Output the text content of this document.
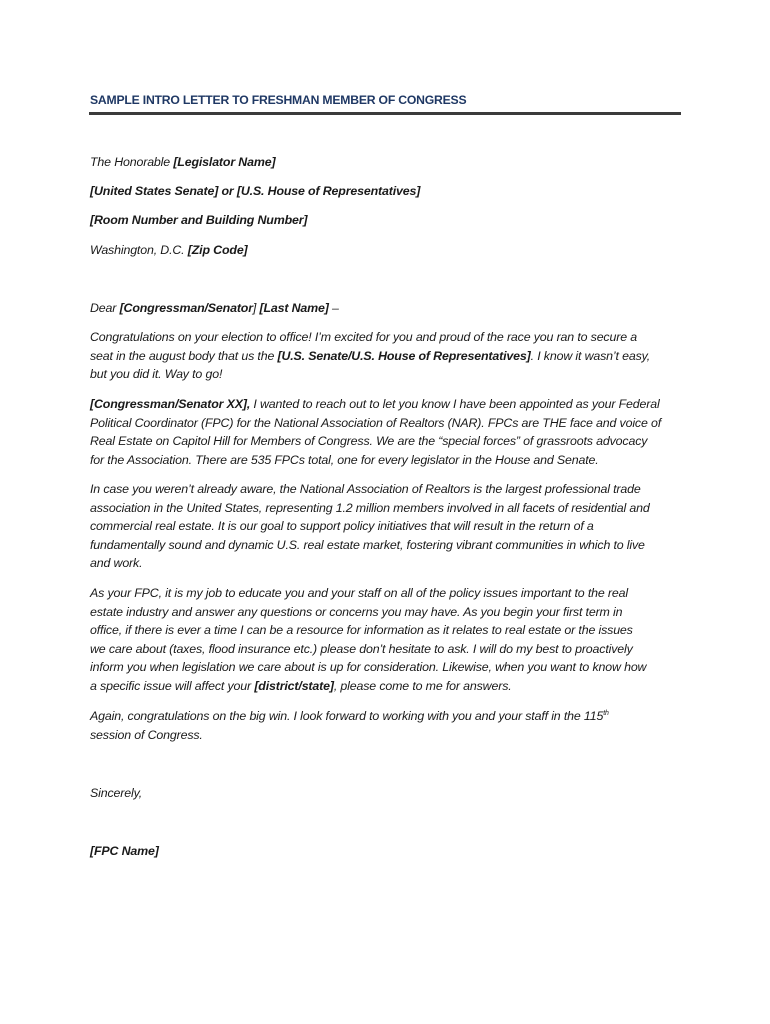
SAMPLE INTRO LETTER TO FRESHMAN MEMBER OF CONGRESS
The Honorable [Legislator Name]
[United States Senate] or [U.S. House of Representatives]
[Room Number and Building Number]
Washington, D.C. [Zip Code]
Dear [Congressman/Senator] [Last Name] –
Congratulations on your election to office! I’m excited for you and proud of the race you ran to secure a
seat in the august body that us the [U.S. Senate/U.S. House of Representatives]. I know it wasn’t easy,
but you did it. Way to go!
[Congressman/Senator XX], I wanted to reach out to let you know I have been appointed as your Federal
Political Coordinator (FPC) for the National Association of Realtors (NAR). FPCs are THE face and voice of
Real Estate on Capitol Hill for Members of Congress. We are the “special forces” of grassroots advocacy
for the Association. There are 535 FPCs total, one for every legislator in the House and Senate.
In case you weren’t already aware, the National Association of Realtors is the largest professional trade
association in the United States, representing 1.2 million members involved in all facets of residential and
commercial real estate. It is our goal to support policy initiatives that will result in the return of a
fundamentally sound and dynamic U.S. real estate market, fostering vibrant communities in which to live
and work.
As your FPC, it is my job to educate you and your staff on all of the policy issues important to the real
estate industry and answer any questions or concerns you may have. As you begin your first term in
office, if there is ever a time I can be a resource for information as it relates to real estate or the issues
we care about (taxes, flood insurance etc.) please don’t hesitate to ask. I will do my best to proactively
inform you when legislation we care about is up for consideration. Likewise, when you want to know how
a specific issue will affect your [district/state], please come to me for answers.
Again, congratulations on the big win. I look forward to working with you and your staff in the 115th
session of Congress.
Sincerely,
[FPC Name]
